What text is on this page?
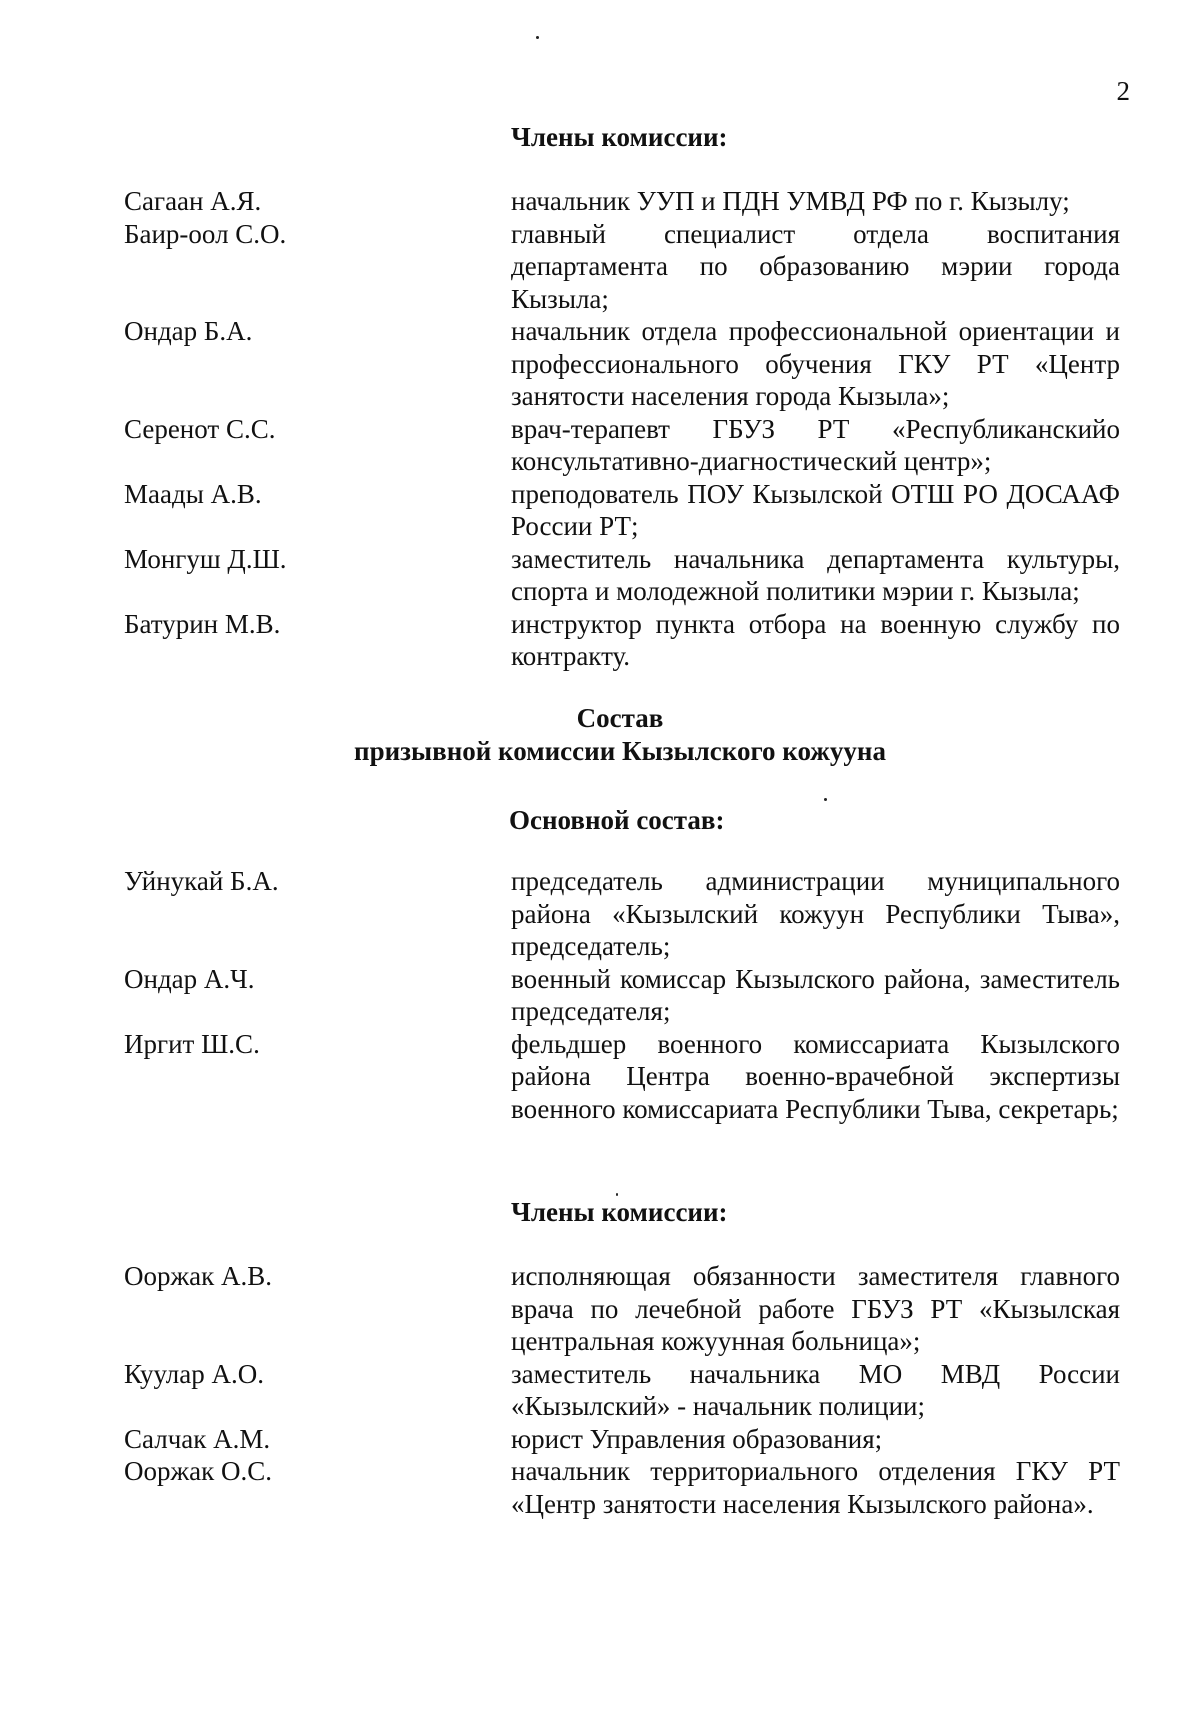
2
Члены комиссии:
Сагаан А.Я.	начальник УУП и ПДН УМВД РФ по г. Кызылу;
Баир-оол С.О.	главный специалист отдела воспитания департамента по образованию мэрии города Кызыла;
Ондар Б.А.	начальник отдела профессиональной ориентации и профессионального обучения ГКУ РТ «Центр занятости населения города Кызыла»;
Серенот С.С.	врач-терапевт ГБУЗ РТ «Республиканскийо консультативно-диагностический центр»;
Маады А.В.	преподователь ПОУ Кызылской ОТШ РО ДОСААФ России РТ;
Монгуш Д.Ш.	заместитель начальника департамента культуры, спорта и молодежной политики мэрии г. Кызыла;
Батурин М.В.	инструктор пункта отбора на военную службу по контракту.
Состав
призывной комиссии Кызылского кожууна
Основной состав:
Уйнукай Б.А.	председатель администрации муниципального района «Кызылский кожуун Республики Тыва», председатель;
Ондар А.Ч.	военный комиссар Кызылского района, заместитель председателя;
Иргит Ш.С.	фельдшер военного комиссариата Кызылского района Центра военно-врачебной экспертизы военного комиссариата Республики Тыва, секретарь;
Члены комиссии:
Ооржак А.В.	исполняющая обязанности заместителя главного врача по лечебной работе ГБУЗ РТ «Кызылская центральная кожуунная больница»;
Куулар А.О.	заместитель начальника МО МВД России «Кызылский» - начальник полиции;
Салчак А.М.	юрист Управления образования;
Ооржак О.С.	начальник территориального отделения ГКУ РТ «Центр занятости населения Кызылского района».
